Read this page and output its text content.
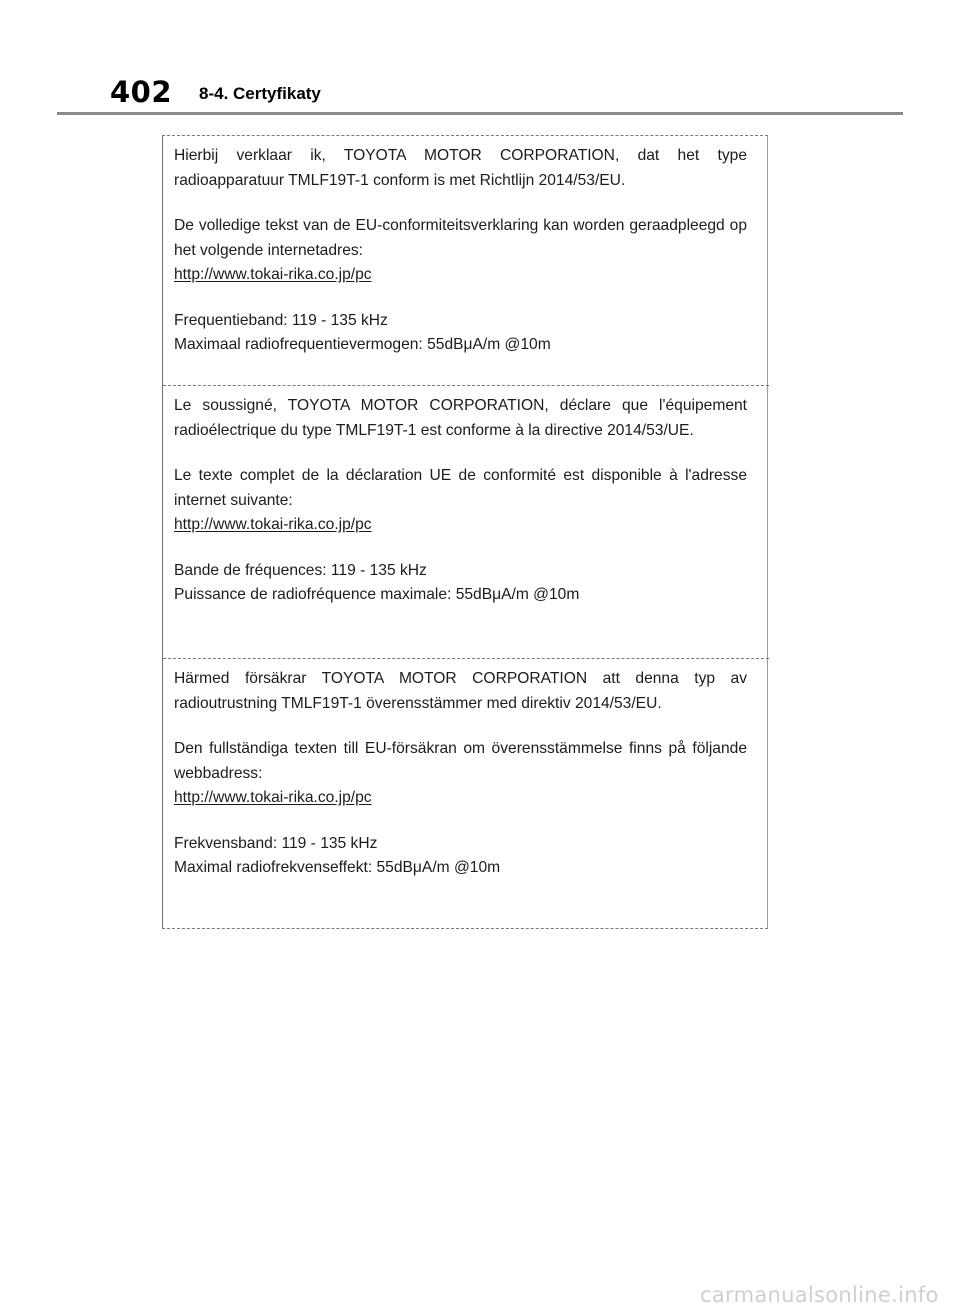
402 8-4. Certyfikaty

Hierbij verklaar ik, TOYOTA MOTOR CORPORATION, dat het type radioapparatuur TMLF19T-1 conform is met Richtlijn 2014/53/EU.

De volledige tekst van de EU-conformiteitsverklaring kan worden geraadpleegd op het volgende internetadres:

http://www.tokai-rika.co.jp/pc
Frequentieband: 119 - 135 kHz
Maximaal radiofrequentievermogen: 55dBμA/m @10m

Le soussigné, TOYOTA MOTOR CORPORATION, déclare que l'équipement radioélectrique du type TMLF19T-1 est conforme à la directive 2014/53/UE.

Le texte complet de la déclaration UE de conformité est disponible à l'adresse internet suivante:

http://www.tokai-rika.co.jp/pc
Bande de fréquences: 119 - 135 kHz
Puissance de radiofréquence maximale: 55dBμA/m @10m

Härmed försäkrar TOYOTA MOTOR CORPORATION att denna typ av radioutrustning TMLF19T-1 överensstämmer med direktiv 2014/53/EU.

Den fullständiga texten till EU-försäkran om överensstämmelse finns på följande webbadress:

http://www.tokai-rika.co.jp/pc
Frekvensband: 119 - 135 kHz
Maximal radiofrekvenseffekt: 55dBμA/m @10m
carmanualsonline.info
